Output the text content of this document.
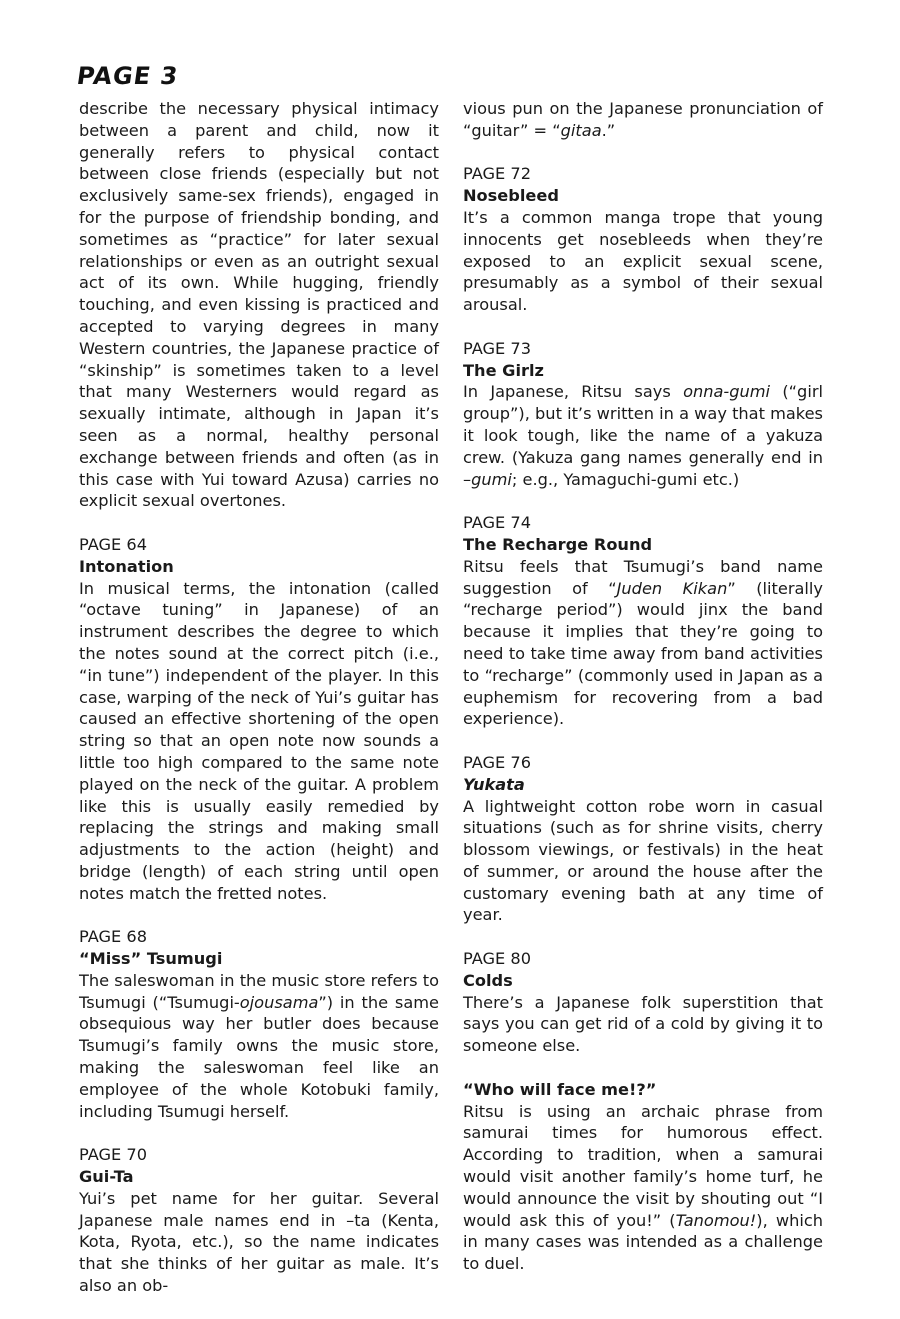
PAGE 3
describe the necessary physical intimacy between a parent and child, now it generally refers to physical contact between close friends (especially but not exclusively same-sex friends), engaged in for the purpose of friendship bonding, and sometimes as “practice” for later sexual relationships or even as an outright sexual act of its own. While hugging, friendly touching, and even kissing is practiced and accepted to varying degrees in many Western countries, the Japanese practice of “skinship” is sometimes taken to a level that many Westerners would regard as sexually intimate, although in Japan it’s seen as a normal, healthy personal exchange between friends and often (as in this case with Yui toward Azusa) carries no explicit sexual overtones.
PAGE 64
Intonation
In musical terms, the intonation (called “octave tuning” in Japanese) of an instrument describes the degree to which the notes sound at the correct pitch (i.e., “in tune”) independent of the player. In this case, warping of the neck of Yui’s guitar has caused an effective shortening of the open string so that an open note now sounds a little too high compared to the same note played on the neck of the guitar. A problem like this is usually easily remedied by replacing the strings and making small adjustments to the action (height) and bridge (length) of each string until open notes match the fretted notes.
PAGE 68
“Miss” Tsumugi
The saleswoman in the music store refers to Tsumugi (“Tsumugi-ojousama”) in the same obsequious way her butler does because Tsumugi’s family owns the music store, making the saleswoman feel like an employee of the whole Kotobuki family, including Tsumugi herself.
PAGE 70
Gui-Ta
Yui’s pet name for her guitar. Several Japanese male names end in –ta (Kenta, Kota, Ryota, etc.), so the name indicates that she thinks of her guitar as male. It’s also an ob-
vious pun on the Japanese pronunciation of “guitar” = “gitaa.”
PAGE 72
Nosebleed
It’s a common manga trope that young innocents get nosebleeds when they’re exposed to an explicit sexual scene, presumably as a symbol of their sexual arousal.
PAGE 73
The Girlz
In Japanese, Ritsu says onna-gumi (“girl group”), but it’s written in a way that makes it look tough, like the name of a yakuza crew. (Yakuza gang names generally end in –gumi; e.g., Yamaguchi-gumi etc.)
PAGE 74
The Recharge Round
Ritsu feels that Tsumugi’s band name suggestion of “Juden Kikan” (literally “recharge period”) would jinx the band because it implies that they’re going to need to take time away from band activities to “recharge” (commonly used in Japan as a euphemism for recovering from a bad experience).
PAGE 76
Yukata
A lightweight cotton robe worn in casual situations (such as for shrine visits, cherry blossom viewings, or festivals) in the heat of summer, or around the house after the customary evening bath at any time of year.
PAGE 80
Colds
There’s a Japanese folk superstition that says you can get rid of a cold by giving it to someone else.
“Who will face me!?”
Ritsu is using an archaic phrase from samurai times for humorous effect. According to tradition, when a samurai would visit another family’s home turf, he would announce the visit by shouting out “I would ask this of you!” (Tanomou!), which in many cases was intended as a challenge to duel.
